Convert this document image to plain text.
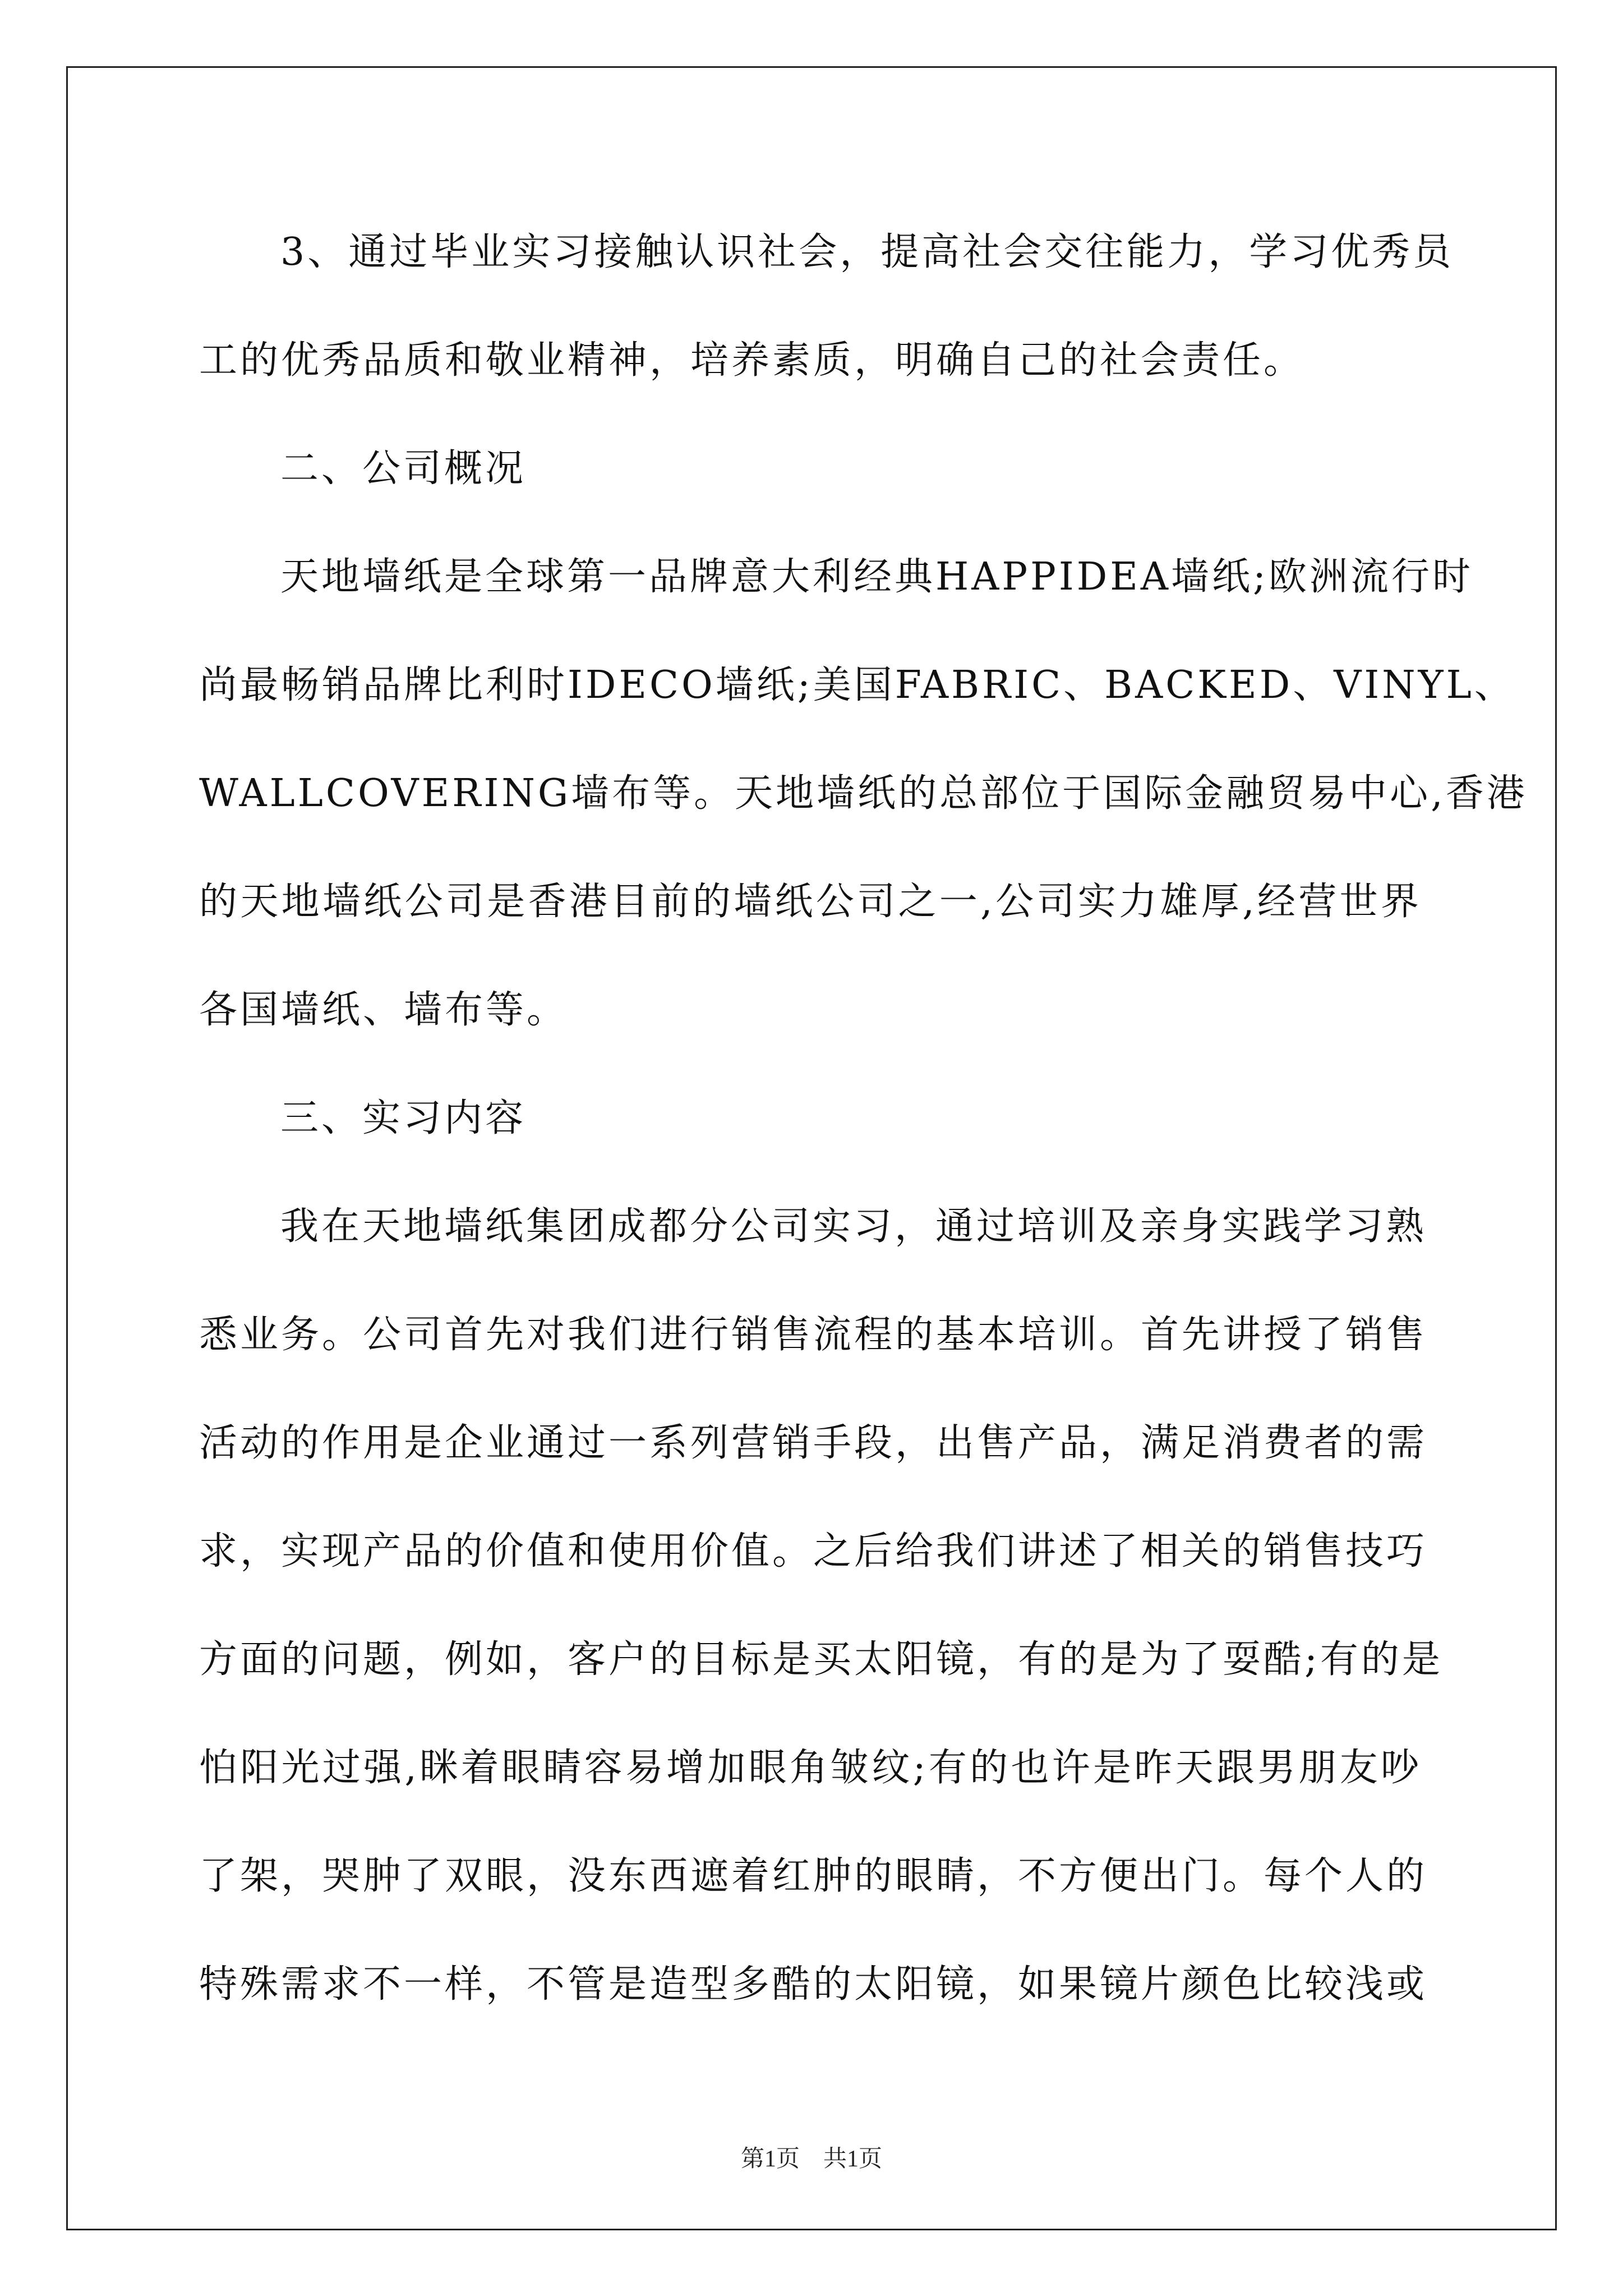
3、通过毕业实习接触认识社会，提高社会交往能力，学习优秀员
工的优秀品质和敬业精神，培养素质，明确自己的社会责任。
二、公司概况
天地墙纸是全球第一品牌意大利经典HAPPIDEA墙纸;欧洲流行时
尚最畅销品牌比利时IDECO墙纸;美国FABRIC、BACKED、VINYL、
WALLCOVERING墙布等。天地墙纸的总部位于国际金融贸易中心,香港
的天地墙纸公司是香港目前的墙纸公司之一,公司实力雄厚,经营世界
各国墙纸、墙布等。
三、实习内容
我在天地墙纸集团成都分公司实习，通过培训及亲身实践学习熟
悉业务。公司首先对我们进行销售流程的基本培训。首先讲授了销售
活动的作用是企业通过一系列营销手段，出售产品，满足消费者的需
求，实现产品的价值和使用价值。之后给我们讲述了相关的销售技巧
方面的问题，例如，客户的目标是买太阳镜，有的是为了耍酷;有的是
怕阳光过强,眯着眼睛容易增加眼角皱纹;有的也许是昨天跟男朋友吵
了架，哭肿了双眼，没东西遮着红肿的眼睛，不方便出门。每个人的
特殊需求不一样，不管是造型多酷的太阳镜，如果镜片颜色比较浅或
第1页　共1页
